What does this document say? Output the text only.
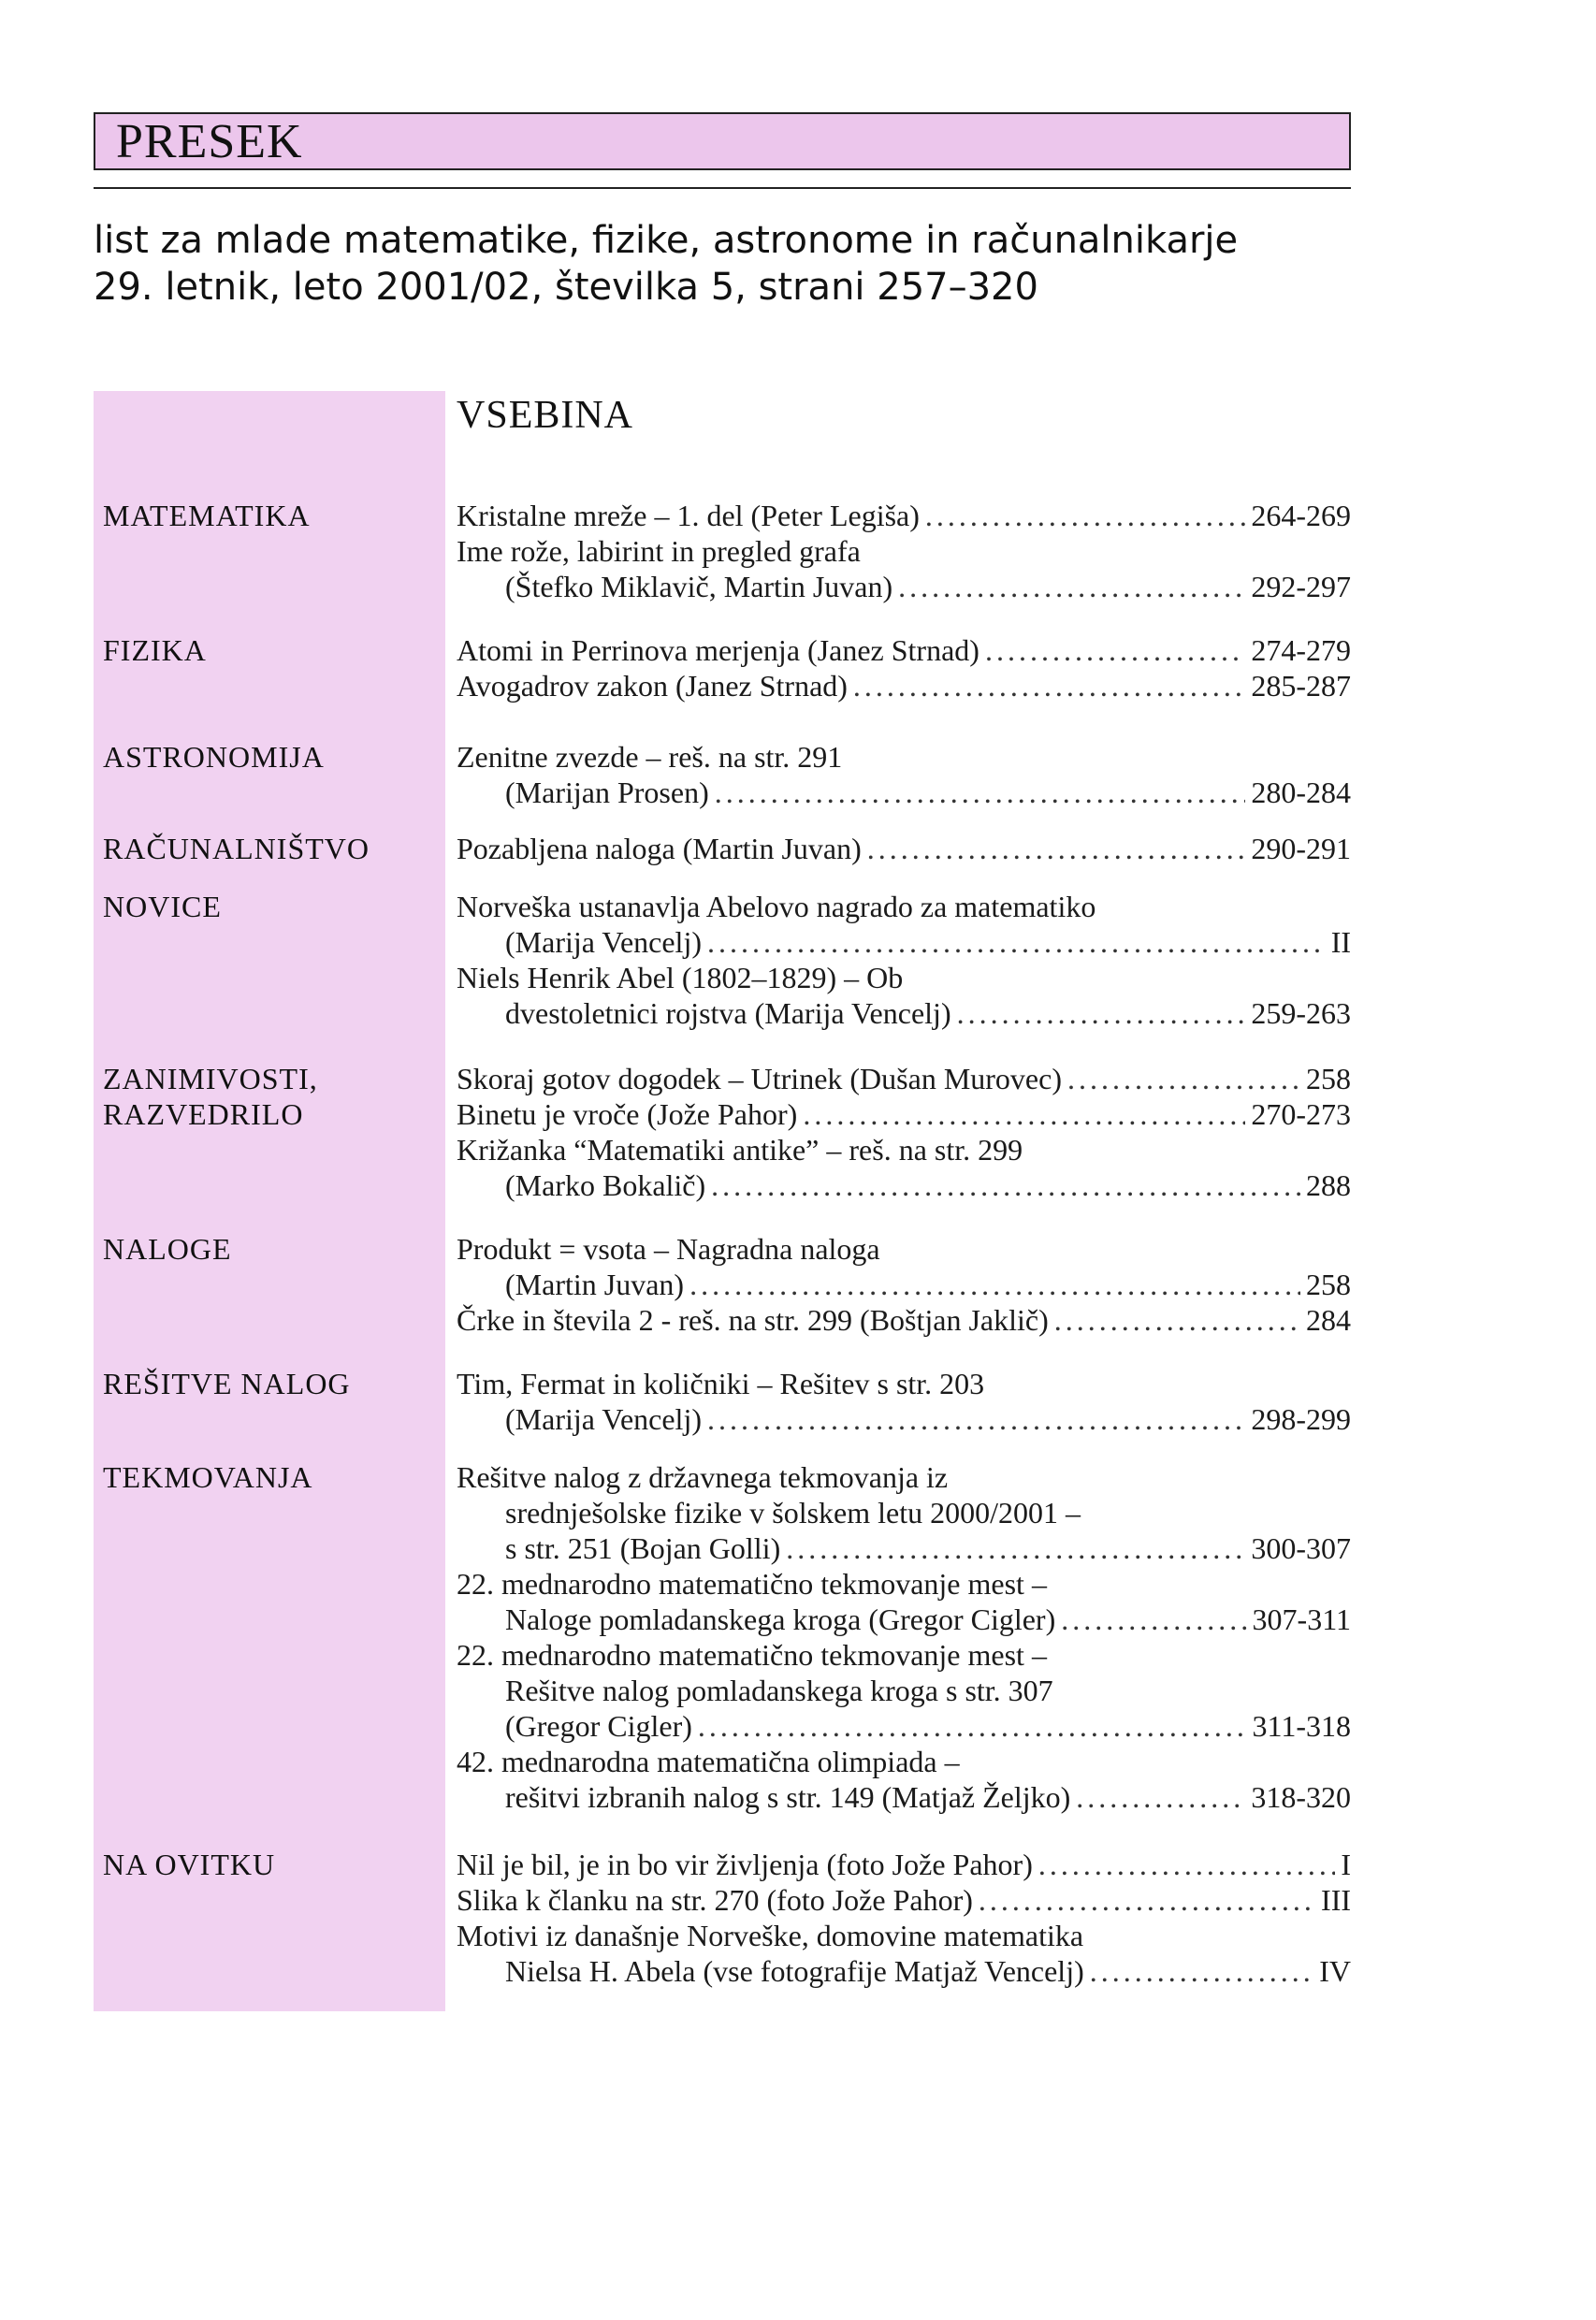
PRESEK
list za mlade matematike, fizike, astronome in računalnikarje
29. letnik, leto 2001/02, številka 5, strani 257–320
VSEBINA
MATEMATIKA	Kristalne mreže – 1. del (Peter Legiša) . . .	264-269
Ime rože, labirint in pregled grafa
(Štefko Miklavič, Martin Juvan) . . .	292-297
FIZIKA	Atomi in Perrinova merjenja (Janez Strnad) . . .	274-279
Avogadrov zakon (Janez Strnad) . . .	285-287
ASTRONOMIJA	Zenitne zvezde – reš. na str. 291
(Marijan Prosen) . . .	280-284
RAČUNALNIŠTVO	Pozabljena naloga (Martin Juvan) . . .	290-291
NOVICE	Norveška ustanavlja Abelovo nagrado za matematiko
(Marija Vencelj) . . .	II
Niels Henrik Abel (1802–1829) – Ob
dvestoletnici rojstva (Marija Vencelj) . . .	259-263
ZANIMIVOSTI,
RAZVEDRILO
Skoraj gotov dogodek – Utrinek (Dušan Murovec) . . .	258
Binetu je vroče (Jože Pahor) . . .	270-273
Križanka “Matematiki antike” – reš. na str. 299
(Marko Bokalič) . . .	288
NALOGE	Produkt = vsota – Nagradna naloga
(Martin Juvan) . . .	258
Črke in števila 2 - reš. na str. 299 (Boštjan Jaklič) . . .	284
REŠITVE NALOG	Tim, Fermat in količniki – Rešitev s str. 203
(Marija Vencelj) . . .	298-299
TEKMOVANJA	Rešitve nalog z državnega tekmovanja iz
srednješolske fizike v šolskem letu 2000/2001 –
s str. 251 (Bojan Golli) . . .	300-307
22. mednarodno matematično tekmovanje mest –
Naloge pomladanskega kroga (Gregor Cigler) . . .	307-311
22. mednarodno matematično tekmovanje mest –
Rešitve nalog pomladanskega kroga s str. 307
(Gregor Cigler) . . .	311-318
42. mednarodna matematična olimpiada –
rešitvi izbranih nalog s str. 149 (Matjaž Željko) . . .	318-320
NA OVITKU	Nil je bil, je in bo vir življenja (foto Jože Pahor) . . .	I
Slika k članku na str. 270 (foto Jože Pahor) . . .	III
Motivi iz današnje Norveške, domovine matematika
Nielsa H. Abela (vse fotografije Matjaž Vencelj) . . .	IV
